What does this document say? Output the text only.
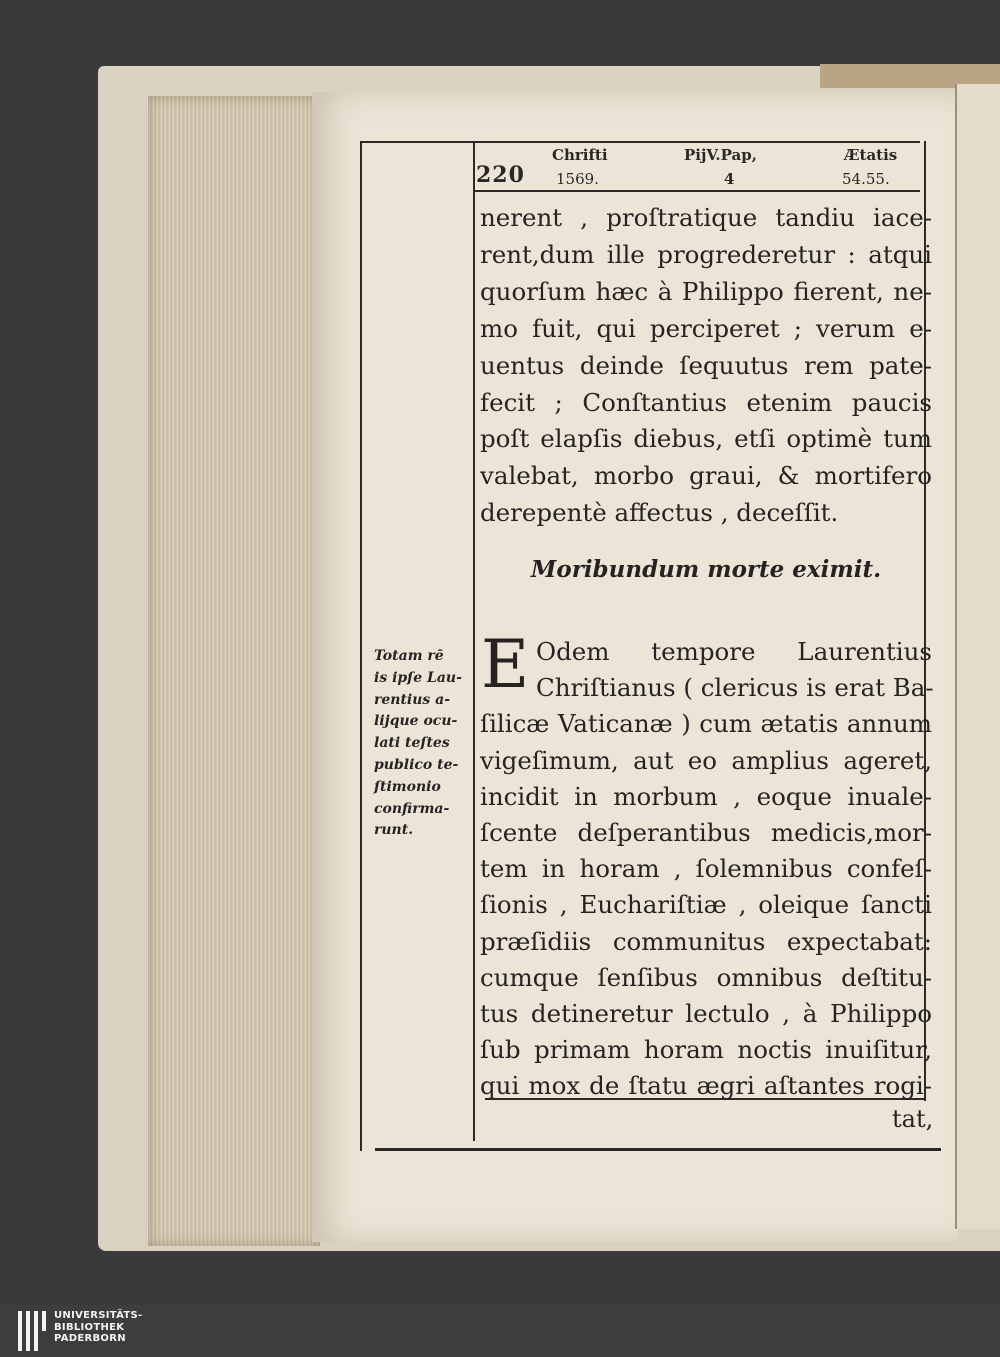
220
Chrifti
1569.
PijV.Pap,
4
Ætatis
54.55.
nerent , proſtratique tandiu iace-
rent,dum ille progrederetur : atqui
quorſum hæc à Philippo fierent, ne-
mo fuit, qui perciperet ; verum e-
uentus deinde ſequutus rem pate-
fecit ; Conſtantius etenim paucis
poſt elapſis diebus, etſi optimè tum
valebat, morbo graui, & mortifero
derepentè affectus , deceſſit.
Moribundum morte eximit.
E Odem tempore Laurentius
Chriſtianus ( clericus is erat Ba-
ſilicæ Vaticanæ ) cum ætatis annum
vigeſimum, aut eo amplius ageret,
incidit in morbum , eoque inuale-
ſcente deſperantibus medicis,mor-
tem in horam , ſolemnibus confeſ-
ſionis , Euchariſtiæ , oleique ſancti
præſidiis communitus expectabat:
cumque ſenſibus omnibus deſtitu-
tus detineretur lectulo , à Philippo
ſub primam horam noctis inuiſitur,
qui mox de ſtatu ægri aſtantes rogi-
tat,
Totam rē
is ipſe Lau-
rentius a-
lijque ocu-
lati teſtes
publico te-
ſtimonio
confirma-
runt.
UNIVERSITÄTS-
BIBLIOTHEK
PADERBORN
